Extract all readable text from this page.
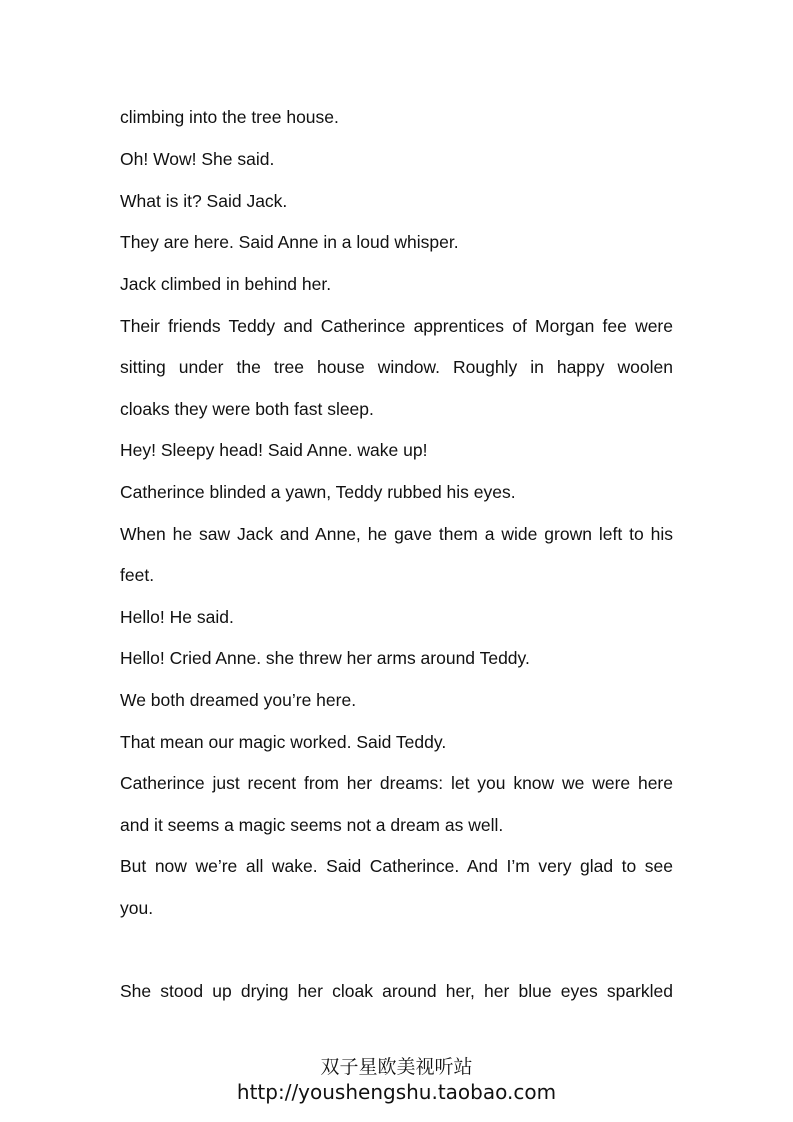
climbing into the tree house.
Oh! Wow! She said.
What is it? Said Jack.
They are here. Said Anne in a loud whisper.
Jack climbed in behind her.
Their friends Teddy and Catherince apprentices of Morgan fee were
sitting under the tree house window. Roughly in happy woolen
cloaks they were both fast sleep.
Hey! Sleepy head! Said Anne. wake up!
Catherince blinded a yawn, Teddy rubbed his eyes.
When he saw Jack and Anne, he gave them a wide grown left to his
feet.
Hello! He said.
Hello! Cried Anne. she threw her arms around Teddy.
We both dreamed you’re here.
That mean our magic worked. Said Teddy.
Catherince just recent from her dreams: let you know we were here
and it seems a magic seems not a dream as well.
But now we’re all wake. Said Catherince. And I’m very glad to see
you.
She stood up drying her cloak around her, her blue eyes sparkled
双子星欧美视听站
http://youshengshu.taobao.com
